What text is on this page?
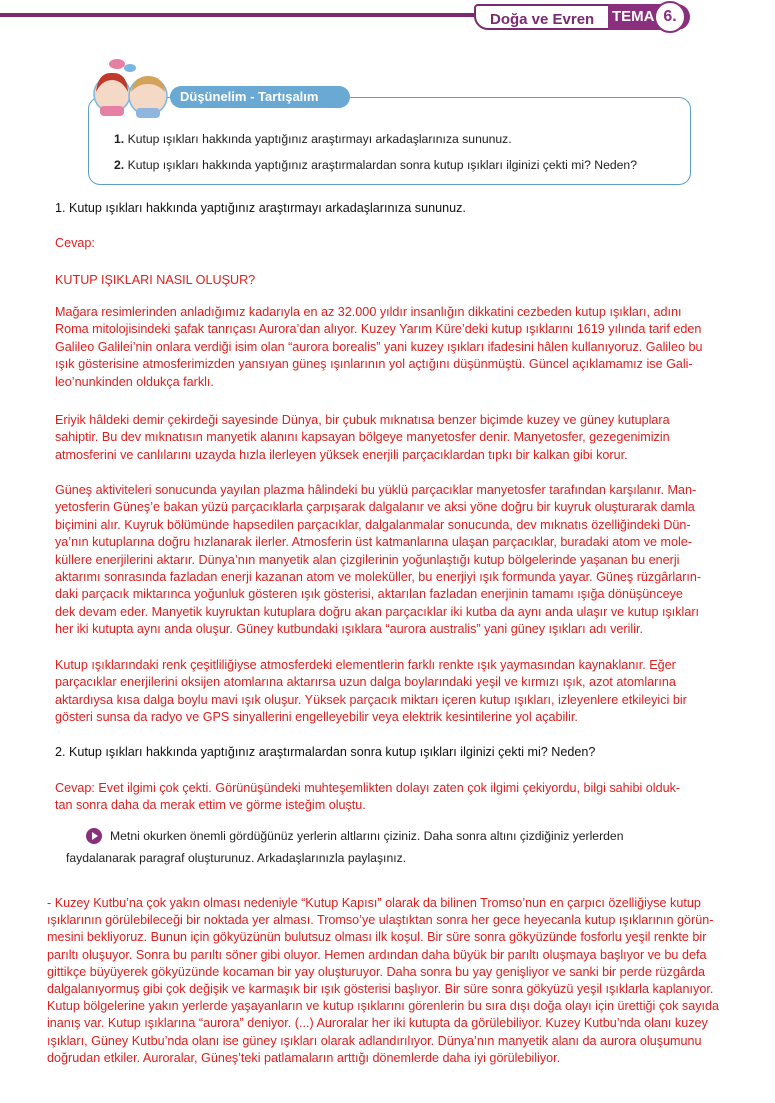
Doğa ve Evren TEMA 6.
Düşünelim - Tartışalım
1. Kutup ışıkları hakkında yaptığınız araştırmayı arkadaşlarınıza sununuz.
2. Kutup ışıkları hakkında yaptığınız araştırmalardan sonra kutup ışıkları ilginizi çekti mi? Neden?
1. Kutup ışıkları hakkında yaptığınız araştırmayı arkadaşlarınıza sununuz.
Cevap:
KUTUP IŞIKLARI NASIL OLUŞUR?
Mağara resimlerinden anladığımız kadarıyla en az 32.000 yıldır insanlığın dikkatini cezbeden kutup ışıkları, adını
Roma mitolojisindeki şafak tanrıçası Aurora’dan alıyor. Kuzey Yarım Küre’deki kutup ışıklarını 1619 yılında tarif eden
Galileo Galilei’nin onlara verdiği isim olan “aurora borealis” yani kuzey ışıkları ifadesini hâlen kullanıyoruz. Galileo bu
ışık gösterisine atmosferimizden yansıyan güneş ışınlarının yol açtığını düşünmüştü. Güncel açıklamamız ise Gali-
leo’nunkinden oldukça farklı.
Eriyik hâldeki demir çekirdeği sayesinde Dünya, bir çubuk mıknatısa benzer biçimde kuzey ve güney kutuplara
sahiptir. Bu dev mıknatısın manyetik alanını kapsayan bölgeye manyetosfer denir. Manyetosfer, gezegenimizin
atmosferini ve canlılarını uzayda hızla ilerleyen yüksek enerjili parçacıklardan tıpkı bir kalkan gibi korur.
Güneş aktiviteleri sonucunda yayılan plazma hâlindeki bu yüklü parçacıklar manyetosfer tarafından karşılanır. Man-
yetosferin Güneş’e bakan yüzü parçacıklarla çarpışarak dalgalanır ve aksi yöne doğru bir kuyruk oluşturarak damla
biçimini alır. Kuyruk bölümünde hapsedilen parçacıklar, dalgalanmalar sonucunda, dev mıknatıs özelliğindeki Dün-
ya’nın kutuplarına doğru hızlanarak ilerler. Atmosferin üst katmanlarına ulaşan parçacıklar, buradaki atom ve mole-
küllere enerjilerini aktarır. Dünya’nın manyetik alan çizgilerinin yoğunlaştığı kutup bölgelerinde yaşanan bu enerji
aktarımı sonrasında fazladan enerji kazanan atom ve moleküller, bu enerjiyi ışık formunda yayar. Güneş rüzgârların-
daki parçacık miktarınca yoğunluk gösteren ışık gösterisi, aktarılan fazladan enerjinin tamamı ışığa dönüşünceye
dek devam eder. Manyetik kuyruktan kutuplara doğru akan parçacıklar iki kutba da aynı anda ulaşır ve kutup ışıkları
her iki kutupta aynı anda oluşur. Güney kutbundaki ışıklara “aurora australis” yani güney ışıkları adı verilir.
Kutup ışıklarındaki renk çeşitliliğiyse atmosferdeki elementlerin farklı renkte ışık yaymasından kaynaklanır. Eğer
parçacıklar enerjilerini oksijen atomlarına aktarırsa uzun dalga boylarındaki yeşil ve kırmızı ışık, azot atomlarına
aktardıysa kısa dalga boylu mavi ışık oluşur. Yüksek parçacık miktarı içeren kutup ışıkları, izleyenlere etkileyici bir
gösteri sunsa da radyo ve GPS sinyallerini engelleyebilir veya elektrik kesintilerine yol açabilir.
2. Kutup ışıkları hakkında yaptığınız araştırmalardan sonra kutup ışıkları ilginizi çekti mi? Neden?
Cevap: Evet ilgimi çok çekti. Görünüşündeki muhteşemlikten dolayı zaten çok ilgimi çekiyordu, bilgi sahibi olduk-
tan sonra daha da merak ettim ve görme isteğim oluştu.
Metni okurken önemli gördüğünüz yerlerin altlarını çiziniz. Daha sonra altını çizdiğiniz yerlerden
faydalanarak paragraf oluşturunuz. Arkadaşlarınızla paylaşınız.
- Kuzey Kutbu’na çok yakın olması nedeniyle “Kutup Kapısı” olarak da bilinen Tromso’nun en çarpıcı özelliğiyse kutup
ışıklarının görülebileceği bir noktada yer alması. Tromso’ye ulaştıktan sonra her gece heyecanla kutup ışıklarının görün-
mesini bekliyoruz. Bunun için gökyüzünün bulutsuz olması ilk koşul. Bir süre sonra gökyüzünde fosforlu yeşil renkte bir
parıltı oluşuyor. Sonra bu parıltı söner gibi oluyor. Hemen ardından daha büyük bir parıltı oluşmaya başlıyor ve bu defa
gittikçe büyüyerek gökyüzünde kocaman bir yay oluşturuyor. Daha sonra bu yay genişliyor ve sanki bir perde rüzgârda
dalgalanıyormuş gibi çok değişik ve karmaşık bir ışık gösterisi başlıyor. Bir süre sonra gökyüzü yeşil ışıklarla kaplanıyor.
Kutup bölgelerine yakın yerlerde yaşayanların ve kutup ışıklarını görenlerin bu sıra dışı doğa olayı için ürettiği çok sayıda
inanış var. Kutup ışıklarına “aurora” deniyor. (...) Auroralar her iki kutupta da görülebiliyor. Kuzey Kutbu’nda olanı kuzey
ışıkları, Güney Kutbu’nda olanı ise güney ışıkları olarak adlandırılıyor. Dünya’nın manyetik alanı da aurora oluşumunu
doğrudan etkiler. Auroralar, Güneş’teki patlamaların arttığı dönemlerde daha iyi görülebiliyor.
